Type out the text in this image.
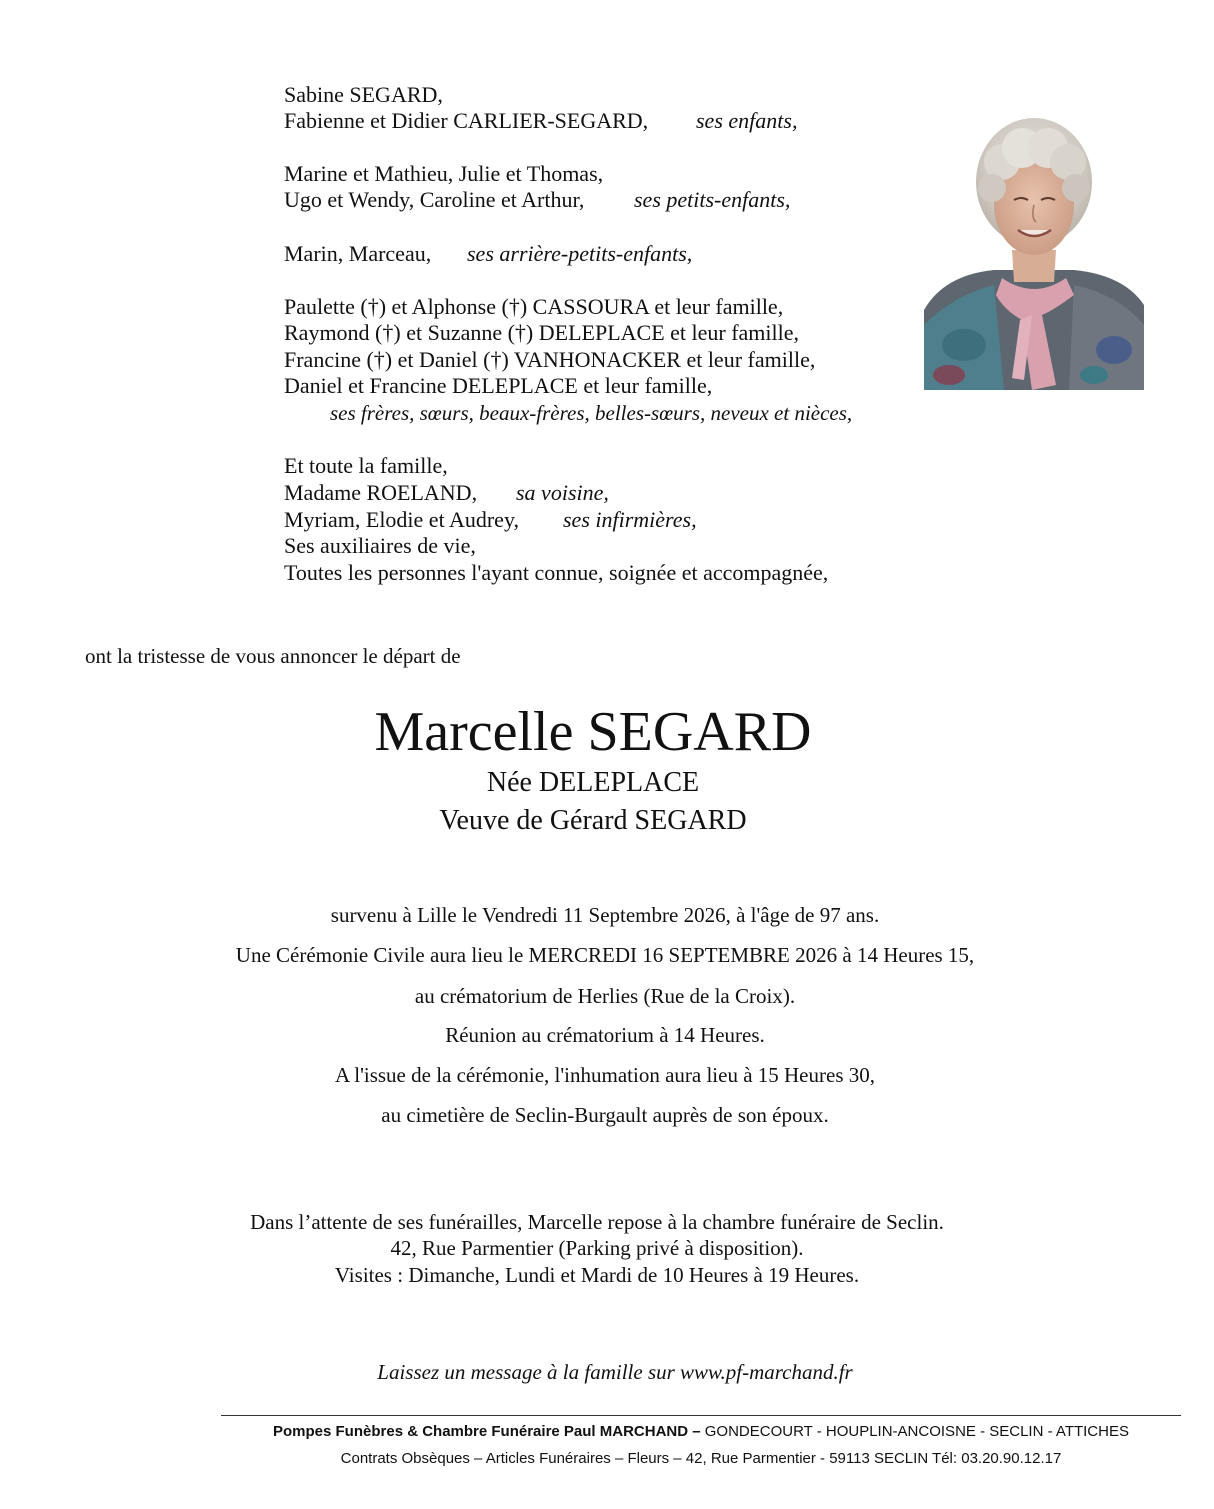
Sabine SEGARD,
Fabienne et Didier CARLIER-SEGARD, ses enfants,
Marine et Mathieu, Julie et Thomas,
Ugo et Wendy, Caroline et Arthur, ses petits-enfants,
Marin, Marceau, ses arrière-petits-enfants,
Paulette (†) et Alphonse (†) CASSOURA et leur famille,
Raymond (†) et Suzanne (†) DELEPLACE et leur famille,
Francine (†) et Daniel (†) VANHONACKER et leur famille,
Daniel et Francine DELEPLACE et leur famille,
ses frères, sœurs, beaux-frères, belles-sœurs, neveux et nièces,
Et toute la famille,
Madame ROELAND, sa voisine,
Myriam, Elodie et Audrey, ses infirmières,
Ses auxiliaires de vie,
Toutes les personnes l'ayant connue, soignée et accompagnée,
ont la tristesse de vous annoncer le départ de
Marcelle SEGARD
Née DELEPLACE
Veuve de Gérard SEGARD
survenu à Lille le Vendredi 11 Septembre 2026, à l'âge de 97 ans.
Une Cérémonie Civile aura lieu le MERCREDI 16 SEPTEMBRE 2026 à 14 Heures 15,
au crématorium de Herlies (Rue de la Croix).
Réunion au crématorium à 14 Heures.
A l'issue de la cérémonie, l'inhumation aura lieu à 15 Heures 30,
au cimetière de Seclin-Burgault auprès de son époux.
Dans l’attente de ses funérailles, Marcelle repose à la chambre funéraire de Seclin.
42, Rue Parmentier (Parking privé à disposition).
Visites : Dimanche, Lundi et Mardi de 10 Heures à 19 Heures.
Laissez un message à la famille sur www.pf-marchand.fr
Pompes Funèbres & Chambre Funéraire Paul MARCHAND – GONDECOURT - HOUPLIN-ANCOISNE - SECLIN - ATTICHES
Contrats Obsèques – Articles Funéraires – Fleurs – 42, Rue Parmentier - 59113 SECLIN Tél: 03.20.90.12.17
